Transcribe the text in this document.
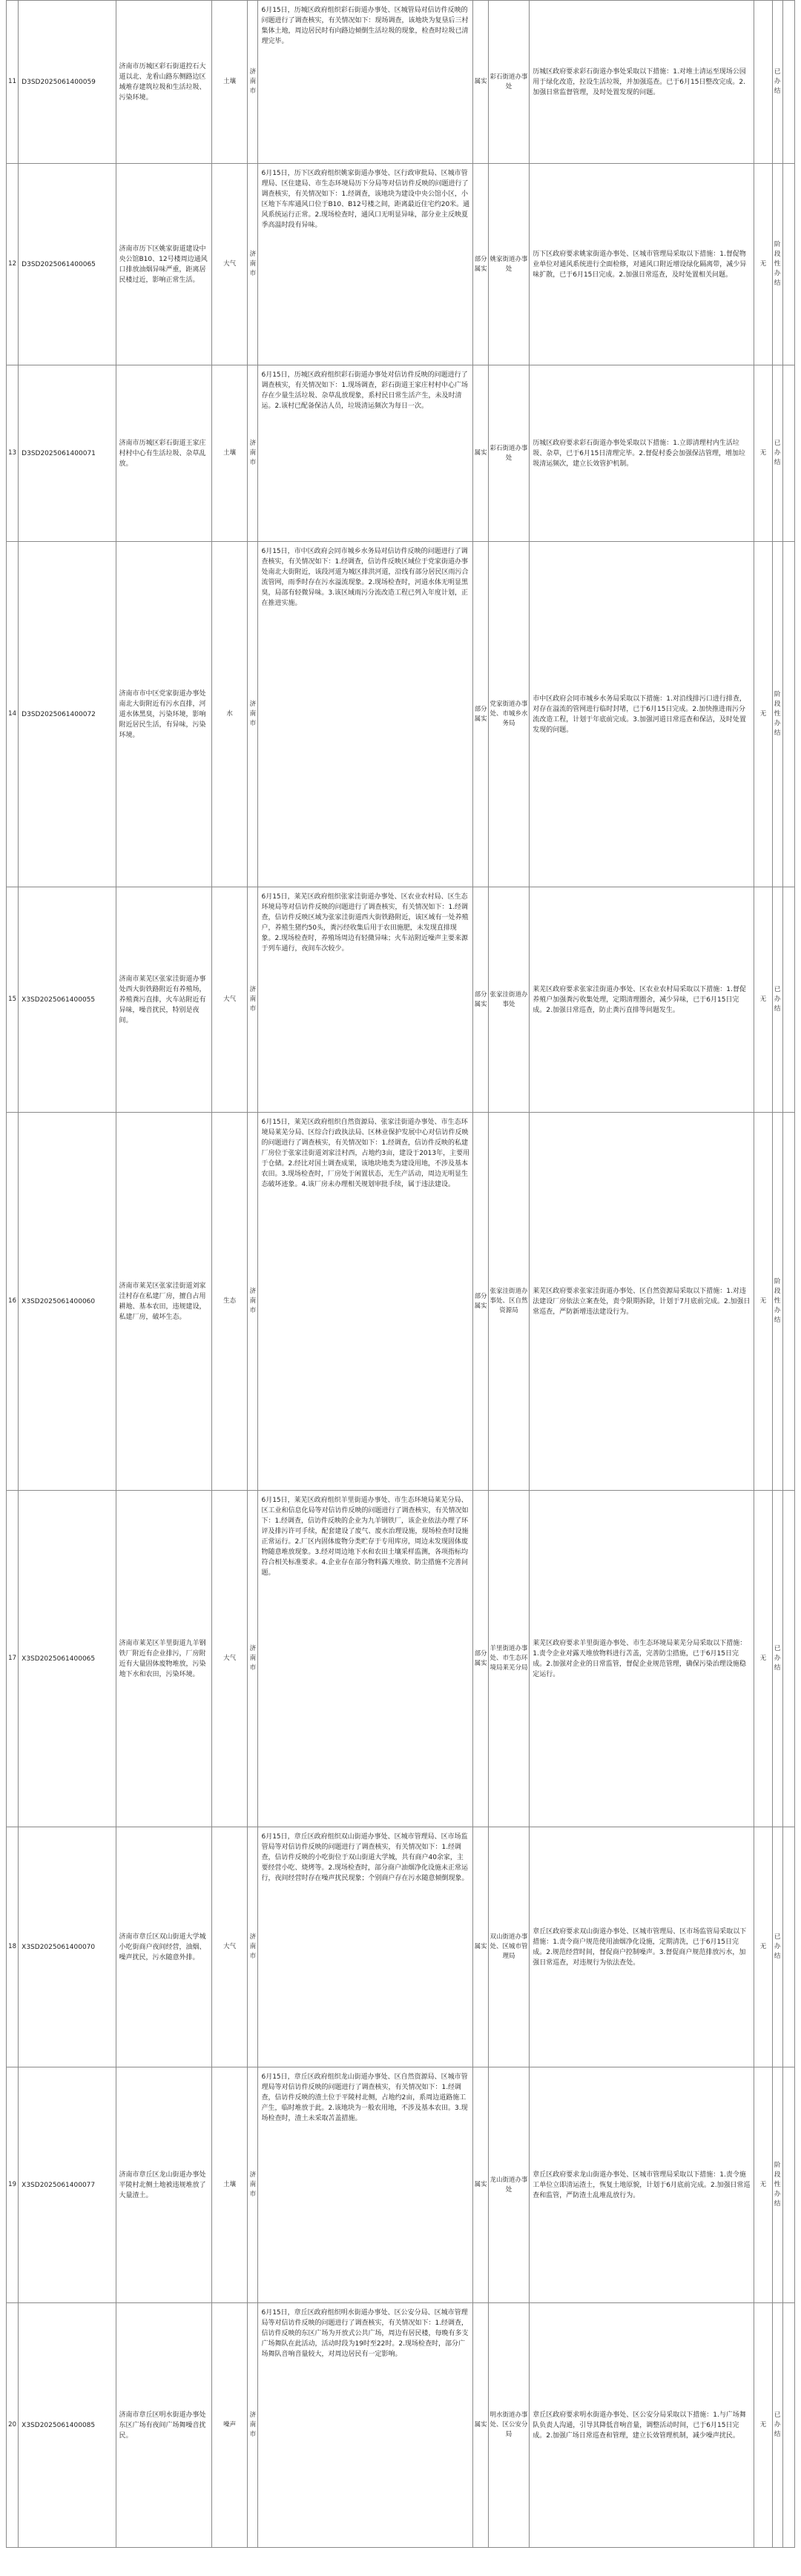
11	D3SD2025061400059	济南市历城区彩石街道控石大道以北、龙看山路东侧路边区域堆存建筑垃圾和生活垃圾、污染环境。	土壤	济南市	6月15日，历城区政府组织彩石街道办事处、区城管局对信访件反映的问题进行了调查核实，有关情况如下：现场调查，该地块为复垦后三村集体土地，周边居民时有向路边倾倒生活垃圾的现象，检查时垃圾已清理完毕。	属实	彩石街道办事处	历城区政府要求彩石街道办事处采取以下措施：1.对堆土清运至现场公园用于绿化改造，拉设生活垃圾，并加强巡查。已于6月15日整改完成。2.加强日常监督管理，及时处置发现的问题。		已办结	
12	D3SD2025061400065	济南市历下区姚家街道建设中央公馆B10、12号楼周边通风口排放油烟异味严重，距离居民楼过近，影响正常生活。	大气	济南市	6月15日，历下区政府组织姚家街道办事处、区行政审批局、区城市管理局、区住建局、市生态环境局历下分局等对信访件反映的问题进行了调查核实，有关情况如下：1.经调查，该地块为建设中央公馆小区，小区地下车库通风口位于B10、B12号楼之间，距离最近住宅约20米。通风系统运行正常。2.现场检查时，通风口无明显异味，部分业主反映夏季高温时段有异味。	部分属实	姚家街道办事处	历下区政府要求姚家街道办事处、区城市管理局采取以下措施：1.督促物业单位对通风系统进行全面检修，对通风口附近增设绿化隔离带，减少异味扩散，已于6月15日完成。2.加强日常巡查，及时处置相关问题。	无	阶段性办结	
13	D3SD2025061400071	济南市历城区彩石街道王家庄村村中心有生活垃圾、杂草乱放。	土壤	济南市	6月15日，历城区政府组织彩石街道办事处对信访件反映的问题进行了调查核实，有关情况如下：1.现场调查，彩石街道王家庄村村中心广场存在少量生活垃圾、杂草乱放现象，系村民日常生活产生，未及时清运。2.该村已配备保洁人员，垃圾清运频次为每日一次。	属实	彩石街道办事处	历城区政府要求彩石街道办事处采取以下措施：1.立即清理村内生活垃圾、杂草，已于6月15日清理完毕。2.督促村委会加强保洁管理，增加垃圾清运频次，建立长效管护机制。	无	已办结	
14	D3SD2025061400072	济南市市中区党家街道办事处南北大街附近有污水直排，河道水体黑臭，污染环境，影响附近居民生活，有异味，污染环境。	水	济南市	6月15日，市中区政府会同市城乡水务局对信访件反映的问题进行了调查核实，有关情况如下：1.经调查，信访件反映区域位于党家街道办事处南北大街附近，该段河道为城区排洪河道，沿线有部分居民区雨污合流管网，雨季时存在污水溢流现象。2.现场检查时，河道水体无明显黑臭，局部有轻微异味。3.该区域雨污分流改造工程已列入年度计划，正在推进实施。	部分属实	党家街道办事处、市城乡水务局	市中区政府会同市城乡水务局采取以下措施：1.对沿线排污口进行排查，对存在溢流的管网进行临时封堵，已于6月15日完成。2.加快推进雨污分流改造工程，计划于年底前完成。3.加强河道日常巡查和保洁，及时处置发现的问题。	无	阶段性办结	
15	X3SD2025061400055	济南市莱芜区张家洼街道办事处西大街铁路附近有养殖场，养殖粪污直排，火车站附近有异味，噪音扰民，特别是夜间。	大气	济南市	6月15日，莱芜区政府组织张家洼街道办事处、区农业农村局、区生态环境局等对信访件反映的问题进行了调查核实，有关情况如下：1.经调查，信访件反映区域为张家洼街道西大街铁路附近，该区域有一处养殖户，养殖生猪约50头，粪污经收集后用于农田施肥，未发现直排现象。2.现场检查时，养殖场周边有轻微异味；火车站附近噪声主要来源于列车通行，夜间车次较少。	部分属实	张家洼街道办事处	莱芜区政府要求张家洼街道办事处、区农业农村局采取以下措施：1.督促养殖户加强粪污收集处理，定期清理圈舍，减少异味，已于6月15日完成。2.加强日常巡查，防止粪污直排等问题发生。	无	已办结	
16	X3SD2025061400060	济南市莱芜区张家洼街道刘家洼村存在私建厂房，擅自占用耕地、基本农田，违规建设，私建厂房，破坏生态。	生态	济南市	6月15日，莱芜区政府组织自然资源局、张家洼街道办事处、市生态环境局莱芜分局、区综合行政执法局、区林业保护发展中心对信访件反映的问题进行了调查核实，有关情况如下：1.经调查，信访件反映的私建厂房位于张家洼街道刘家洼村西，占地约3亩，建设于2013年，主要用于仓储。2.经比对国土调查成果，该地块地类为建设用地，不涉及基本农田。3.现场检查时，厂房处于闲置状态，无生产活动，周边无明显生态破坏迹象。4.该厂房未办理相关规划审批手续，属于违法建设。	部分属实	张家洼街道办事处、区自然资源局	莱芜区政府要求张家洼街道办事处、区自然资源局采取以下措施：1.对违法建设厂房依法立案查处，责令限期拆除，计划于7月底前完成。2.加强日常巡查，严防新增违法建设行为。	无	阶段性办结	
17	X3SD2025061400065	济南市莱芜区羊里街道九羊钢铁厂附近有企业排污，厂房附近有大量固体废物堆放，污染地下水和农田，污染环境。	大气	济南市	6月15日，莱芜区政府组织羊里街道办事处、市生态环境局莱芜分局、区工业和信息化局等对信访件反映的问题进行了调查核实，有关情况如下：1.经调查，信访件反映的企业为九羊钢铁厂，该企业依法办理了环评及排污许可手续，配套建设了废气、废水治理设施，现场检查时设施正常运行。2.厂区内固体废物分类贮存于专用库房，周边未发现固体废物随意堆放现象。3.经对周边地下水和农田土壤采样监测，各项指标均符合相关标准要求。4.企业存在部分物料露天堆放、防尘措施不完善问题。	部分属实	羊里街道办事处、市生态环境局莱芜分局	莱芜区政府要求羊里街道办事处、市生态环境局莱芜分局采取以下措施：1.责令企业对露天堆放物料进行苫盖，完善防尘措施，已于6月15日完成。2.加强对企业的日常监管，督促企业规范管理，确保污染治理设施稳定运行。	无	已办结	
18	X3SD2025061400070	济南市章丘区双山街道大学城小吃街商户夜间经营，油烟、噪声扰民，污水随意外排。	大气	济南市	6月15日，章丘区政府组织双山街道办事处、区城市管理局、区市场监管局等对信访件反映的问题进行了调查核实，有关情况如下：1.经调查，信访件反映的小吃街位于双山街道大学城，共有商户40余家，主要经营小吃、烧烤等。2.现场检查时，部分商户油烟净化设施未正常运行，夜间经营时存在噪声扰民现象；个别商户存在污水随意倾倒现象。	属实	双山街道办事处、区城市管理局	章丘区政府要求双山街道办事处、区城市管理局、区市场监管局采取以下措施：1.责令商户规范使用油烟净化设施，定期清洗，已于6月15日完成。2.规范经营时间，督促商户控制噪声。3.督促商户规范排放污水，加强日常巡查，对违规行为依法查处。	无	已办结	
19	X3SD2025061400077	济南市章丘区龙山街道办事处平陵村北侧土地被违规堆放了大量渣土。	土壤	济南市	6月15日，章丘区政府组织龙山街道办事处、区自然资源局、区城市管理局等对信访件反映的问题进行了调查核实，有关情况如下：1.经调查，信访件反映的渣土位于平陵村北侧，占地约2亩，系周边道路施工产生，临时堆放于此。2.该地块为一般农用地，不涉及基本农田。3.现场检查时，渣土未采取苫盖措施。	属实	龙山街道办事处	章丘区政府要求龙山街道办事处、区城市管理局采取以下措施：1.责令施工单位立即清运渣土，恢复土地原貌，计划于6月底前完成。2.加强日常巡查和监管，严防渣土乱堆乱放行为。	无	阶段性办结	
20	X3SD2025061400085	济南市章丘区明水街道办事处东区广场有夜间广场舞噪音扰民。	噪声	济南市	6月15日，章丘区政府组织明水街道办事处、区公安分局、区城市管理局等对信访件反映的问题进行了调查核实，有关情况如下：1.经调查，信访件反映的东区广场为开放式公共广场，周边有居民楼，每晚有多支广场舞队在此活动，活动时段为19时至22时。2.现场检查时，部分广场舞队音响音量较大，对周边居民有一定影响。	属实	明水街道办事处、区公安分局	章丘区政府要求明水街道办事处、区公安分局采取以下措施：1.与广场舞队负责人沟通，引导其降低音响音量，调整活动时间，已于6月15日完成。2.加强广场日常巡查和管理，建立长效管理机制，减少噪声扰民。	无	已办结	
